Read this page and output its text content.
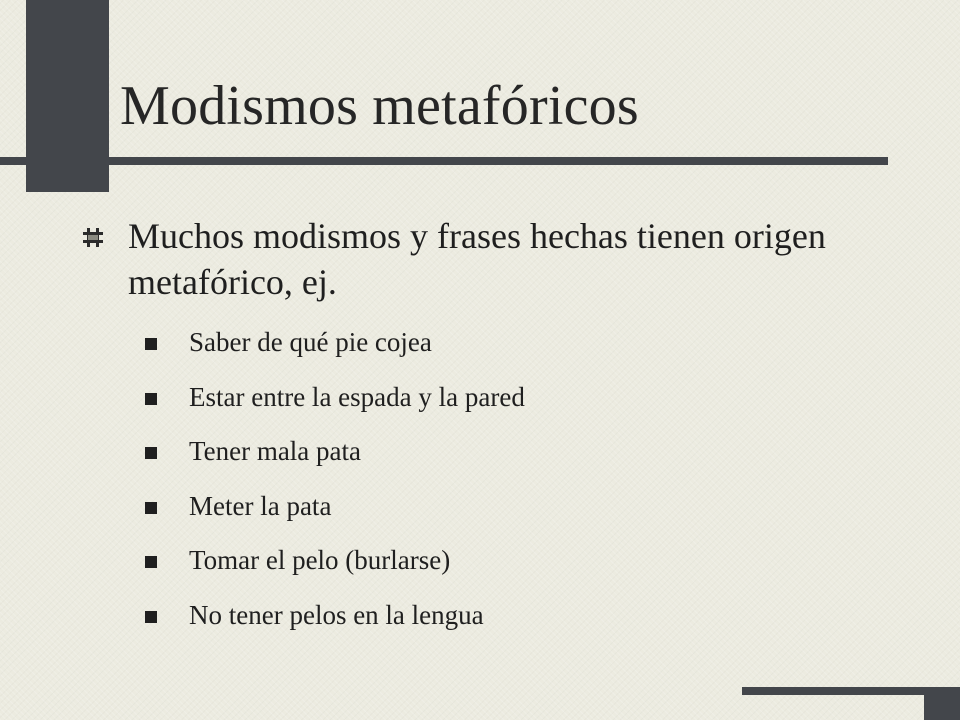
Modismos metafóricos

Muchos modismos y frases hechas tienen origen metafórico, ej.

Saber de qué pie cojea
Estar entre la espada y la pared
Tener mala pata
Meter la pata
Tomar el pelo (burlarse)
No tener pelos en la lengua
